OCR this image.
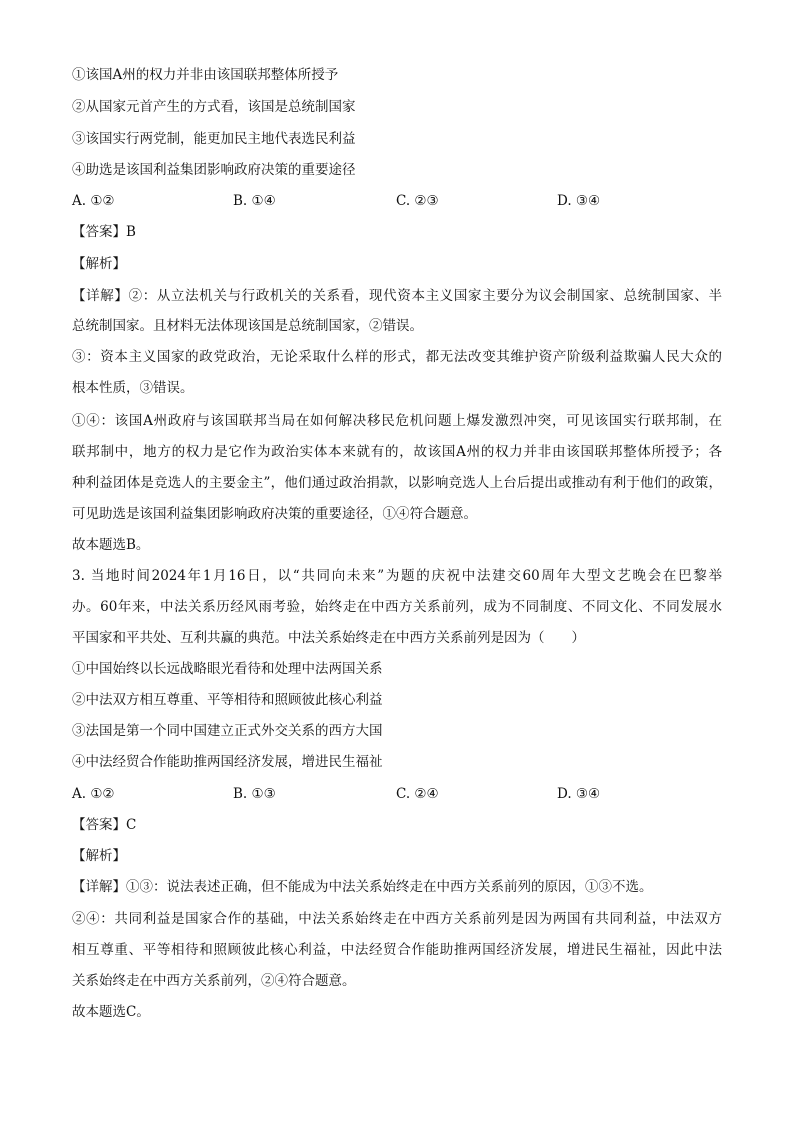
①该国A州的权力并非由该国联邦整体所授予
②从国家元首产生的方式看，该国是总统制国家
③该国实行两党制，能更加民主地代表选民利益
④助选是该国利益集团影响政府决策的重要途径
A. ①②	B. ①④	C. ②③	D. ③④
【答案】B
【解析】
【详解】②：从立法机关与行政机关的关系看，现代资本主义国家主要分为议会制国家、总统制国家、半
总统制国家。且材料无法体现该国是总统制国家，②错误。
③：资本主义国家的政党政治，无论采取什么样的形式，都无法改变其维护资产阶级利益欺骗人民大众的
根本性质，③错误。
①④：该国A州政府与该国联邦当局在如何解决移民危机问题上爆发激烈冲突，可见该国实行联邦制，在
联邦制中，地方的权力是它作为政治实体本来就有的，故该国A州的权力并非由该国联邦整体所授予；各
种利益团体是竞选人的主要金主”，他们通过政治捐款，以影响竞选人上台后提出或推动有利于他们的政策，
可见助选是该国利益集团影响政府决策的重要途径，①④符合题意。
故本题选B。
3. 当地时间2024年1月16日，以“共同向未来”为题的庆祝中法建交60周年大型文艺晚会在巴黎举
办。60年来，中法关系历经风雨考验，始终走在中西方关系前列，成为不同制度、不同文化、不同发展水
平国家和平共处、互利共赢的典范。中法关系始终走在中西方关系前列是因为（　　）
①中国始终以长远战略眼光看待和处理中法两国关系
②中法双方相互尊重、平等相待和照顾彼此核心利益
③法国是第一个同中国建立正式外交关系的西方大国
④中法经贸合作能助推两国经济发展，增进民生福祉
A. ①②	B. ①③	C. ②④	D. ③④
【答案】C
【解析】
【详解】①③：说法表述正确，但不能成为中法关系始终走在中西方关系前列的原因，①③不选。
②④：共同利益是国家合作的基础，中法关系始终走在中西方关系前列是因为两国有共同利益，中法双方
相互尊重、平等相待和照顾彼此核心利益，中法经贸合作能助推两国经济发展，增进民生福祉，因此中法
关系始终走在中西方关系前列，②④符合题意。
故本题选C。
